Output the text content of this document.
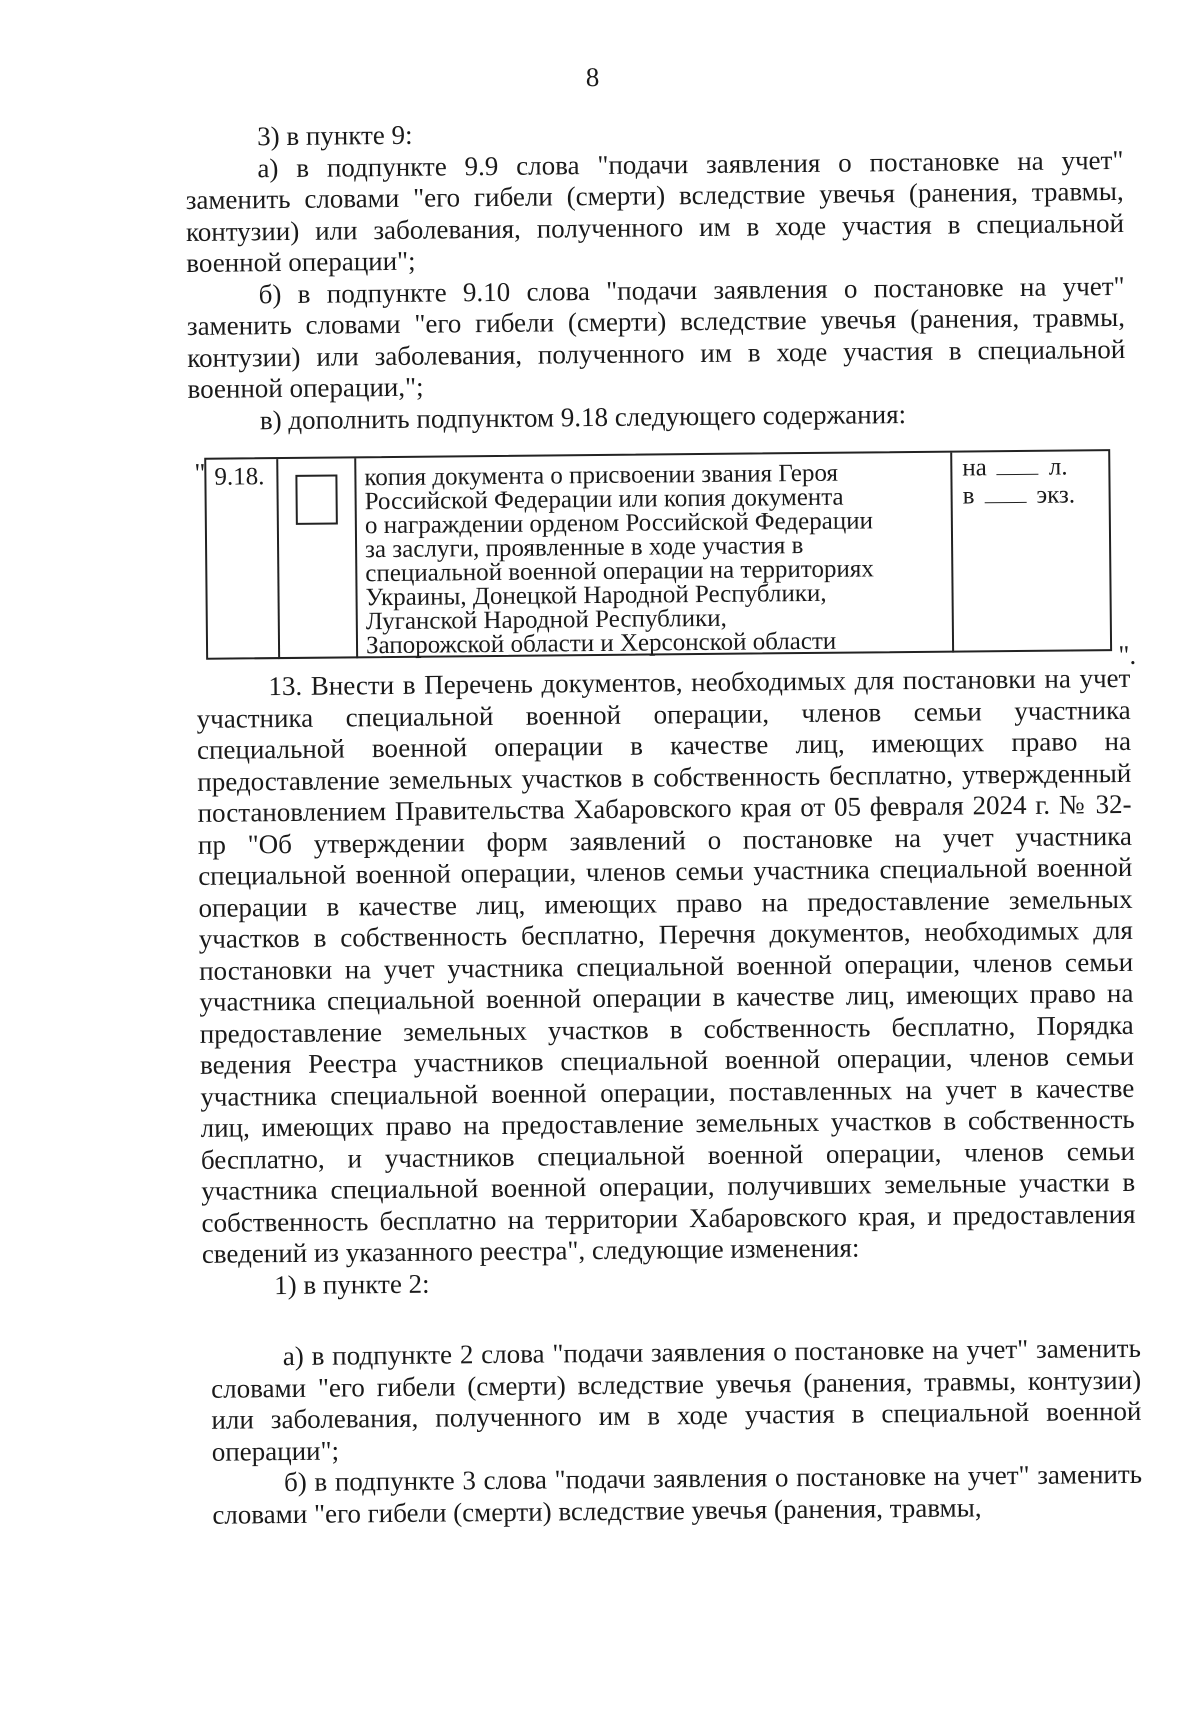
8

3) в пункте 9:

а) в подпункте 9.9 слова "подачи заявления о постановке на учет" заменить словами "его гибели (смерти) вследствие увечья (ранения, травмы, контузии) или заболевания, полученного им в ходе участия в специальной военной операции";

б) в подпункте 9.10 слова "подачи заявления о постановке на учет" заменить словами "его гибели (смерти) вследствие увечья (ранения, травмы, контузии) или заболевания, полученного им в ходе участия в специальной военной операции,";

в) дополнить подпунктом 9.18 следующего содержания:

" 9.18.	копия документа о присвоении звания Героя
Российской Федерации или копия документа
о награждении орденом Российской Федерации
за заслуги, проявленные в ходе участия в
специальной военной операции на территориях
Украины, Донецкой Народной Республики,
Луганской Народной Республики,
Запорожской области и Херсонской области
на л.
в экз.
".

13. Внести в Перечень документов, необходимых для постановки на учет участника специальной военной операции, членов семьи участника специальной военной операции в качестве лиц, имеющих право на предоставление земельных участков в собственность бесплатно, утвержденный постановлением Правительства Хабаровского края от 05 февраля 2024 г. № 32-пр "Об утверждении форм заявлений о постановке на учет участника специальной военной операции, членов семьи участника специальной военной операции в качестве лиц, имеющих право на предоставление земельных участков в собственность бесплатно, Перечня документов, необходимых для постановки на учет участника специальной военной операции, членов семьи участника специальной военной операции в качестве лиц, имеющих право на предоставление земельных участков в собственность бесплатно, Порядка ведения Реестра участников специальной военной операции, членов семьи участника специальной военной операции, поставленных на учет в качестве лиц, имеющих право на предоставление земельных участков в собственность бесплатно, и участников специальной военной операции, членов семьи участника специальной военной операции, получивших земельные участки в собственность бесплатно на территории Хабаровского края, и предоставления сведений из указанного реестра", следующие изменения:

1) в пункте 2:

а) в подпункте 2 слова "подачи заявления о постановке на учет" заменить словами "его гибели (смерти) вследствие увечья (ранения, травмы, контузии) или заболевания, полученного им в ходе участия в специальной военной операции";

б) в подпункте 3 слова "подачи заявления о постановке на учет" заменить словами "его гибели (смерти) вследствие увечья (ранения, травмы,
